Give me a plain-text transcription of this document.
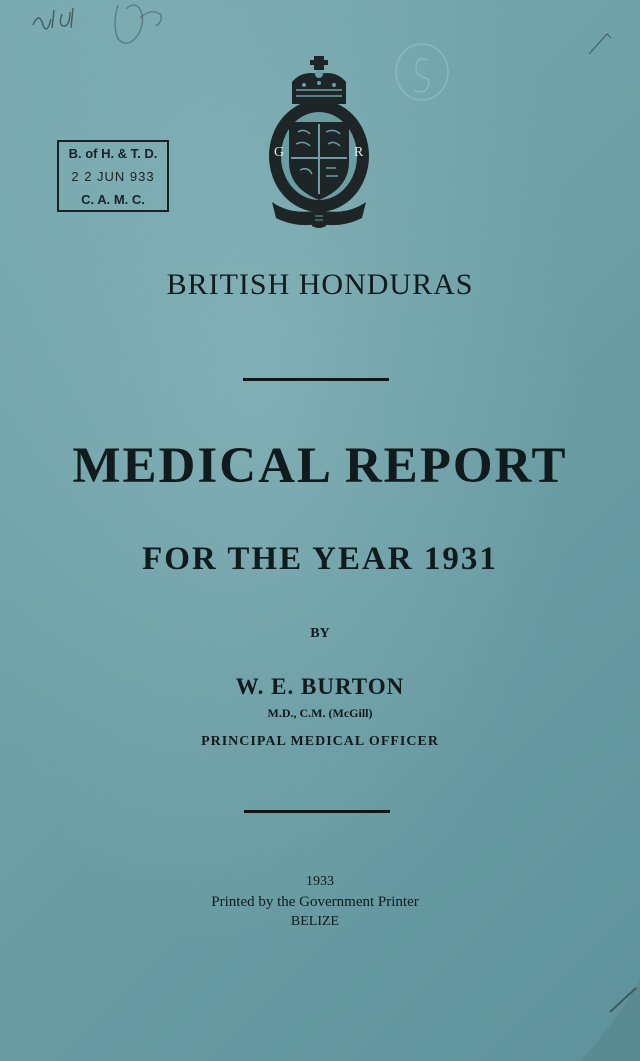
B. of H. & T. D.
2 2 JUN 933
C. A. M. C.
G	R
BRITISH HONDURAS
MEDICAL REPORT
FOR THE YEAR 1931
BY
W. E. BURTON
M.D., C.M. (McGill)
PRINCIPAL MEDICAL OFFICER
1933
Printed by the Government Printer
BELIZE
